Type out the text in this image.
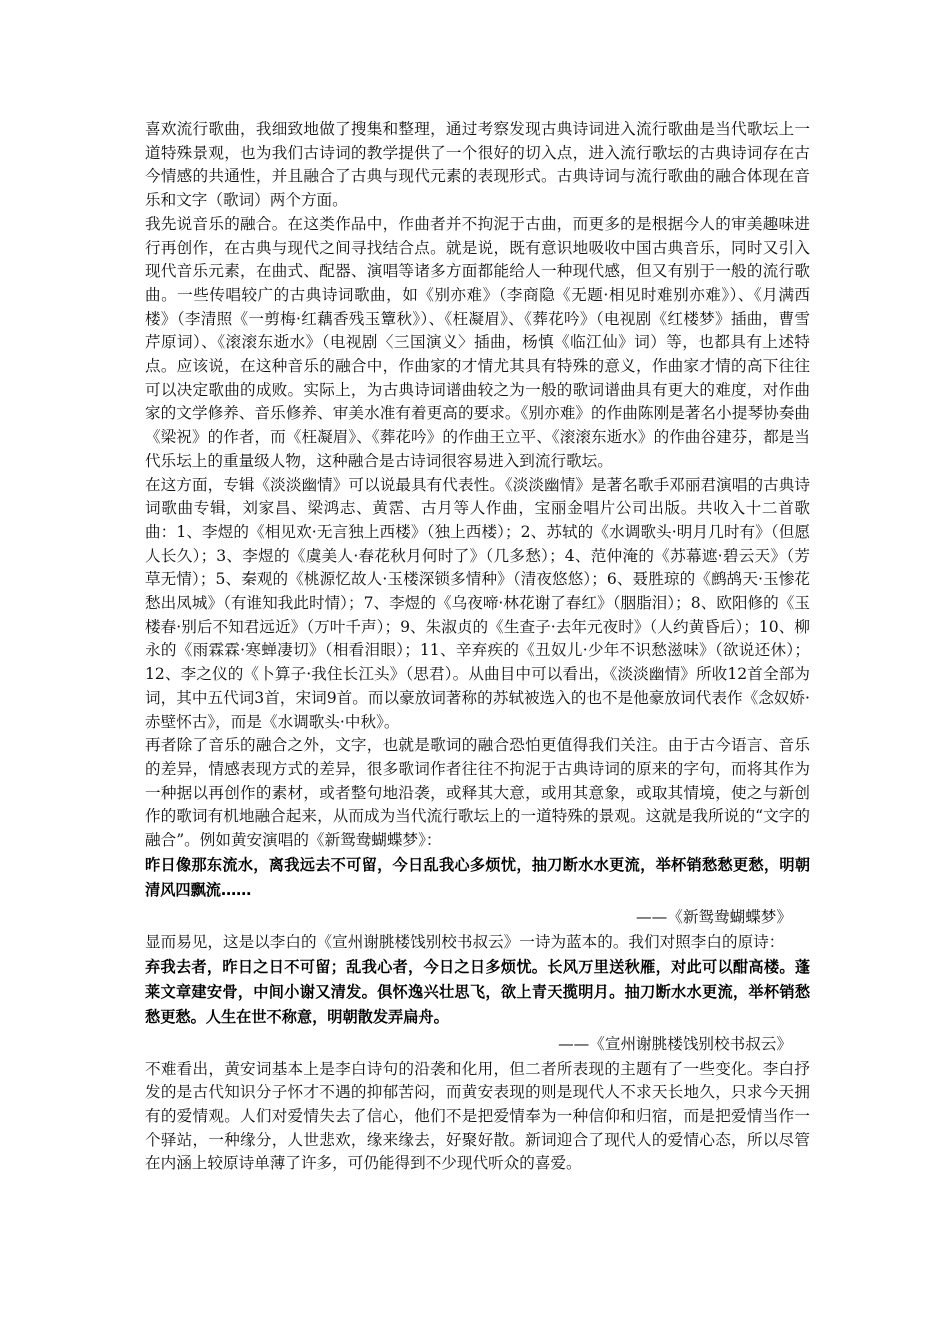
喜欢流行歌曲，我细致地做了搜集和整理，通过考察发现古典诗词进入流行歌曲是当代歌坛上一道特殊景观，也为我们古诗词的教学提供了一个很好的切入点，进入流行歌坛的古典诗词存在古今情感的共通性，并且融合了古典与现代元素的表现形式。古典诗词与流行歌曲的融合体现在音乐和文字（歌词）两个方面。

我先说音乐的融合。在这类作品中，作曲者并不拘泥于古曲，而更多的是根据今人的审美趣味进行再创作，在古典与现代之间寻找结合点。就是说，既有意识地吸收中国古典音乐，同时又引入现代音乐元素，在曲式、配器、演唱等诸多方面都能给人一种现代感，但又有别于一般的流行歌曲。一些传唱较广的古典诗词歌曲，如《别亦难》（李商隐《无题·相见时难别亦难》）、《月满西楼》（李清照《一剪梅·红藕香残玉簟秋》）、《枉凝眉》、《葬花吟》（电视剧《红楼梦》插曲，曹雪芹原词）、《滚滚东逝水》（电视剧〈三国演义〉插曲，杨慎《临江仙》词）等，也都具有上述特点。应该说，在这种音乐的融合中，作曲家的才情尤其具有特殊的意义，作曲家才情的高下往往可以决定歌曲的成败。实际上，为古典诗词谱曲较之为一般的歌词谱曲具有更大的难度，对作曲家的文学修养、音乐修养、审美水准有着更高的要求。《别亦难》的作曲陈刚是著名小提琴协奏曲《梁祝》的作者，而《枉凝眉》、《葬花吟》的作曲王立平、《滚滚东逝水》的作曲谷建芬，都是当代乐坛上的重量级人物，这种融合是古诗词很容易进入到流行歌坛。

在这方面，专辑《淡淡幽情》可以说最具有代表性。《淡淡幽情》是著名歌手邓丽君演唱的古典诗词歌曲专辑，刘家昌、梁鸿志、黄霑、古月等人作曲，宝丽金唱片公司出版。共收入十二首歌曲：1、李煜的《相见欢·无言独上西楼》（独上西楼）；2、苏轼的《水调歌头·明月几时有》（但愿人长久）；3、李煜的《虞美人·春花秋月何时了》（几多愁）；4、范仲淹的《苏幕遮·碧云天》（芳草无情）；5、秦观的《桃源忆故人·玉楼深锁多情种》（清夜悠悠）；6、聂胜琼的《鹧鸪天·玉惨花愁出凤城》（有谁知我此时情）；7、李煜的《乌夜啼·林花谢了春红》（胭脂泪）；8、欧阳修的《玉楼春·别后不知君远近》（万叶千声）；9、朱淑贞的《生查子·去年元夜时》（人约黄昏后）；10、柳永的《雨霖霖·寒蝉凄切》（相看泪眼）；11、辛弃疾的《丑奴儿·少年不识愁滋味》（欲说还休）；12、李之仪的《卜算子·我住长江头》（思君）。从曲目中可以看出，《淡淡幽情》所收12首全部为词，其中五代词3首，宋词9首。而以豪放词著称的苏轼被选入的也不是他豪放词代表作《念奴娇·赤壁怀古》，而是《水调歌头·中秋》。

再者除了音乐的融合之外，文字，也就是歌词的融合恐怕更值得我们关注。由于古今语言、音乐的差异，情感表现方式的差异，很多歌词作者往往不拘泥于古典诗词的原来的字句，而将其作为一种据以再创作的素材，或者整句地沿袭，或释其大意，或用其意象，或取其情境，使之与新创作的歌词有机地融合起来，从而成为当代流行歌坛上的一道特殊的景观。这就是我所说的“文字的融合”。例如黄安演唱的《新鸳鸯蝴蝶梦》：

昨日像那东流水，离我远去不可留，今日乱我心多烦忧，抽刀断水水更流，举杯销愁愁更愁，明朝清风四飘流……

——《新鸳鸯蝴蝶梦》

显而易见，这是以李白的《宣州谢朓楼饯别校书叔云》一诗为蓝本的。我们对照李白的原诗：

弃我去者，昨日之日不可留；乱我心者，今日之日多烦忧。长风万里送秋雁，对此可以酣高楼。蓬莱文章建安骨，中间小谢又清发。俱怀逸兴壮思飞，欲上青天揽明月。抽刀断水水更流，举杯销愁愁更愁。人生在世不称意，明朝散发弄扁舟。

——《宣州谢朓楼饯别校书叔云》

不难看出，黄安词基本上是李白诗句的沿袭和化用，但二者所表现的主题有了一些变化。李白抒发的是古代知识分子怀才不遇的抑郁苦闷，而黄安表现的则是现代人不求天长地久，只求今天拥有的爱情观。人们对爱情失去了信心，他们不是把爱情奉为一种信仰和归宿，而是把爱情当作一个驿站，一种缘分，人世悲欢，缘来缘去，好聚好散。新词迎合了现代人的爱情心态，所以尽管在内涵上较原诗单薄了许多，可仍能得到不少现代听众的喜爱。
